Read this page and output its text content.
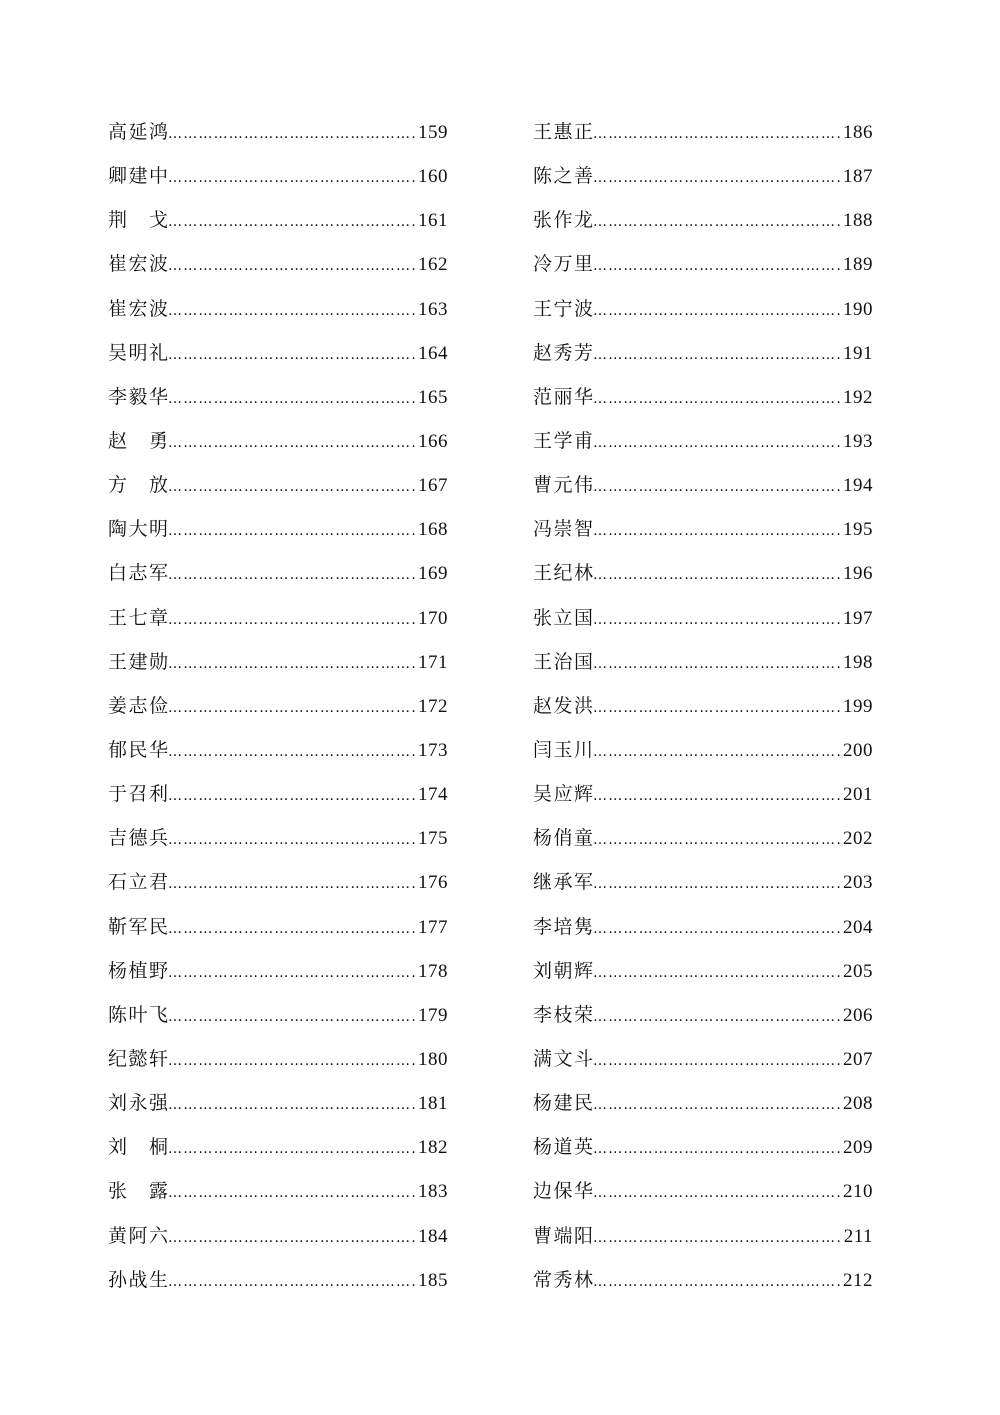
高 延 鸿 ……………………………………………………………………………………………………………………	159
卿 建 中 ……………………………………………………………………………………………………………………	160
荆 戈 ……………………………………………………………………………………………………………………	161
崔 宏 波 ……………………………………………………………………………………………………………………	162
崔 宏 波 ……………………………………………………………………………………………………………………	163
吴 明 礼 ……………………………………………………………………………………………………………………	164
李 毅 华 ……………………………………………………………………………………………………………………	165
赵 勇 ……………………………………………………………………………………………………………………	166
方 放 ……………………………………………………………………………………………………………………	167
陶 大 明 ……………………………………………………………………………………………………………………	168
白 志 军 ……………………………………………………………………………………………………………………	169
王 七 章 ……………………………………………………………………………………………………………………	170
王 建 勋 ……………………………………………………………………………………………………………………	171
姜 志 俭 ……………………………………………………………………………………………………………………	172
郁 民 华 ……………………………………………………………………………………………………………………	173
于 召 利 ……………………………………………………………………………………………………………………	174
吉 德 兵 ……………………………………………………………………………………………………………………	175
石 立 君 ……………………………………………………………………………………………………………………	176
靳 军 民 ……………………………………………………………………………………………………………………	177
杨 植 野 ……………………………………………………………………………………………………………………	178
陈 叶 飞 ……………………………………………………………………………………………………………………	179
纪 懿 轩 ……………………………………………………………………………………………………………………	180
刘 永 强 ……………………………………………………………………………………………………………………	181
刘 桐 ……………………………………………………………………………………………………………………	182
张 露 ……………………………………………………………………………………………………………………	183
黄 阿 六 ……………………………………………………………………………………………………………………	184
孙 战 生 ……………………………………………………………………………………………………………………	185
王 惠 正 ……………………………………………………………………………………………………………………	186
陈 之 善 ……………………………………………………………………………………………………………………	187
张 作 龙 ……………………………………………………………………………………………………………………	188
冷 万 里 ……………………………………………………………………………………………………………………	189
王 宁 波 ……………………………………………………………………………………………………………………	190
赵 秀 芳 ……………………………………………………………………………………………………………………	191
范 丽 华 ……………………………………………………………………………………………………………………	192
王 学 甫 ……………………………………………………………………………………………………………………	193
曹 元 伟 ……………………………………………………………………………………………………………………	194
冯 崇 智 ……………………………………………………………………………………………………………………	195
王 纪 林 ……………………………………………………………………………………………………………………	196
张 立 国 ……………………………………………………………………………………………………………………	197
王 治 国 ……………………………………………………………………………………………………………………	198
赵 发 洪 ……………………………………………………………………………………………………………………	199
闫 玉 川 ……………………………………………………………………………………………………………………	200
吴 应 辉 ……………………………………………………………………………………………………………………	201
杨 俏 童 ……………………………………………………………………………………………………………………	202
继 承 军 ……………………………………………………………………………………………………………………	203
李 培 隽 ……………………………………………………………………………………………………………………	204
刘 朝 辉 ……………………………………………………………………………………………………………………	205
李 枝 荣 ……………………………………………………………………………………………………………………	206
满 文 斗 ……………………………………………………………………………………………………………………	207
杨 建 民 ……………………………………………………………………………………………………………………	208
杨 道 英 ……………………………………………………………………………………………………………………	209
边 保 华 ……………………………………………………………………………………………………………………	210
曹 端 阳 ……………………………………………………………………………………………………………………	211
常 秀 林 ……………………………………………………………………………………………………………………	212
